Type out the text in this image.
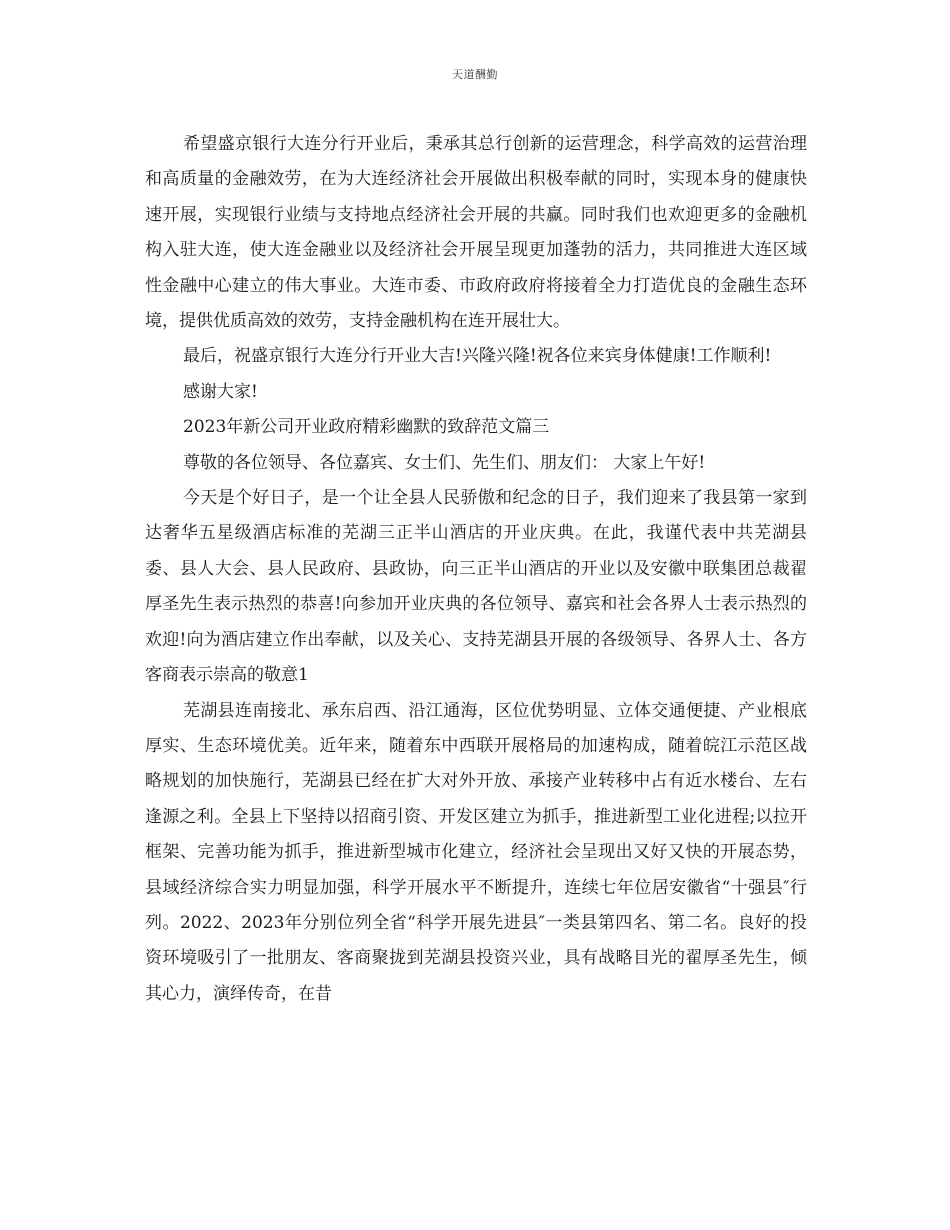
天道酬勤

希望盛京银行大连分行开业后，秉承其总行创新的运营理念，科学高效的运营治理和高质量的金融效劳，在为大连经济社会开展做出积极奉献的同时，实现本身的健康快速开展，实现银行业绩与支持地点经济社会开展的共赢。同时我们也欢迎更多的金融机构入驻大连，使大连金融业以及经济社会开展呈现更加蓬勃的活力，共同推进大连区域性金融中心建立的伟大事业。大连市委、市政府政府将接着全力打造优良的金融生态环境，提供优质高效的效劳，支持金融机构在连开展壮大。

最后，祝盛京银行大连分行开业大吉!兴隆兴隆!祝各位来宾身体健康!工作顺利!

感谢大家!

2023年新公司开业政府精彩幽默的致辞范文篇三

尊敬的各位领导、各位嘉宾、女士们、先生们、朋友们： 大家上午好!

今天是个好日子，是一个让全县人民骄傲和纪念的日子，我们迎来了我县第一家到达奢华五星级酒店标准的芜湖三正半山酒店的开业庆典。在此，我谨代表中共芜湖县委、县人大会、县人民政府、县政协，向三正半山酒店的开业以及安徽中联集团总裁翟厚圣先生表示热烈的恭喜!向参加开业庆典的各位领导、嘉宾和社会各界人士表示热烈的欢迎!向为酒店建立作出奉献，以及关心、支持芜湖县开展的各级领导、各界人士、各方客商表示崇高的敬意1

芜湖县连南接北、承东启西、沿江通海，区位优势明显、立体交通便捷、产业根底厚实、生态环境优美。近年来，随着东中西联开展格局的加速构成，随着皖江示范区战略规划的加快施行，芜湖县已经在扩大对外开放、承接产业转移中占有近水楼台、左右逢源之利。全县上下坚持以招商引资、开发区建立为抓手，推进新型工业化进程;以拉开框架、完善功能为抓手，推进新型城市化建立，经济社会呈现出又好又快的开展态势，县域经济综合实力明显加强，科学开展水平不断提升，连续七年位居安徽省“十强县″行列。2022、2023年分别位列全省“科学开展先进县″一类县第四名、第二名。良好的投资环境吸引了一批朋友、客商聚拢到芜湖县投资兴业，具有战略目光的翟厚圣先生，倾其心力，演绎传奇，在昔
